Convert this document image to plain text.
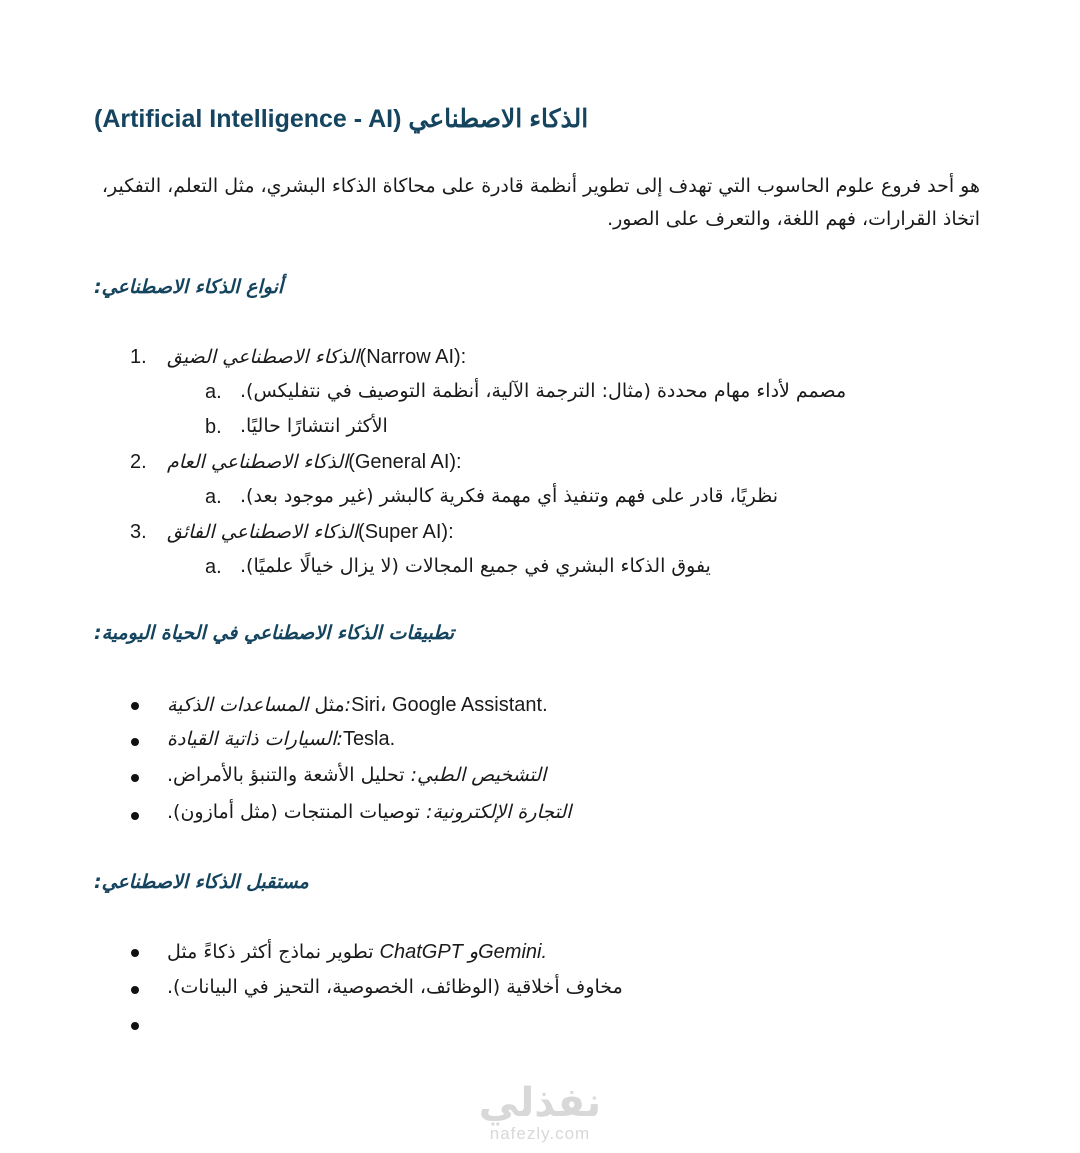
الذكاء الاصطناعي (Artificial Intelligence - AI)
هو أحد فروع علوم الحاسوب التي تهدف إلى تطوير أنظمة قادرة على محاكاة الذكاء البشري، مثل التعلم، التفكير، اتخاذ القرارات، فهم اللغة، والتعرف على الصور.
أنواع الذكاء الاصطناعي:
1. الذكاء الاصطناعي الضيق(Narrow AI):
a. مصمم لأداء مهام محددة (مثال: الترجمة الآلية، أنظمة التوصيف في نتفليكس).
b. الأكثر انتشارًا حاليًا.
2. الذكاء الاصطناعي العام(General AI):
a. نظريًا، قادر على فهم وتنفيذ أي مهمة فكرية كالبشر (غير موجود بعد).
3. الذكاء الاصطناعي الفائق(Super AI):
a. يفوق الذكاء البشري في جميع المجالات (لا يزال خيالًا علميًا).
تطبيقات الذكاء الاصطناعي في الحياة اليومية:
مثل المساعدات الذكية:Siri، Google Assistant.
السيارات ذاتية القيادة:Tesla.
التشخيص الطبي: تحليل الأشعة والتنبؤ بالأمراض.
التجارة الإلكترونية: توصيات المنتجات (مثل أمازون).
مستقبل الذكاء الاصطناعي:
تطوير نماذج أكثر ذكاءً مثل ChatGPT وGemini.
مخاوف أخلاقية (الوظائف، الخصوصية، التحيز في البيانات).
نفذلي
nafezly.com
